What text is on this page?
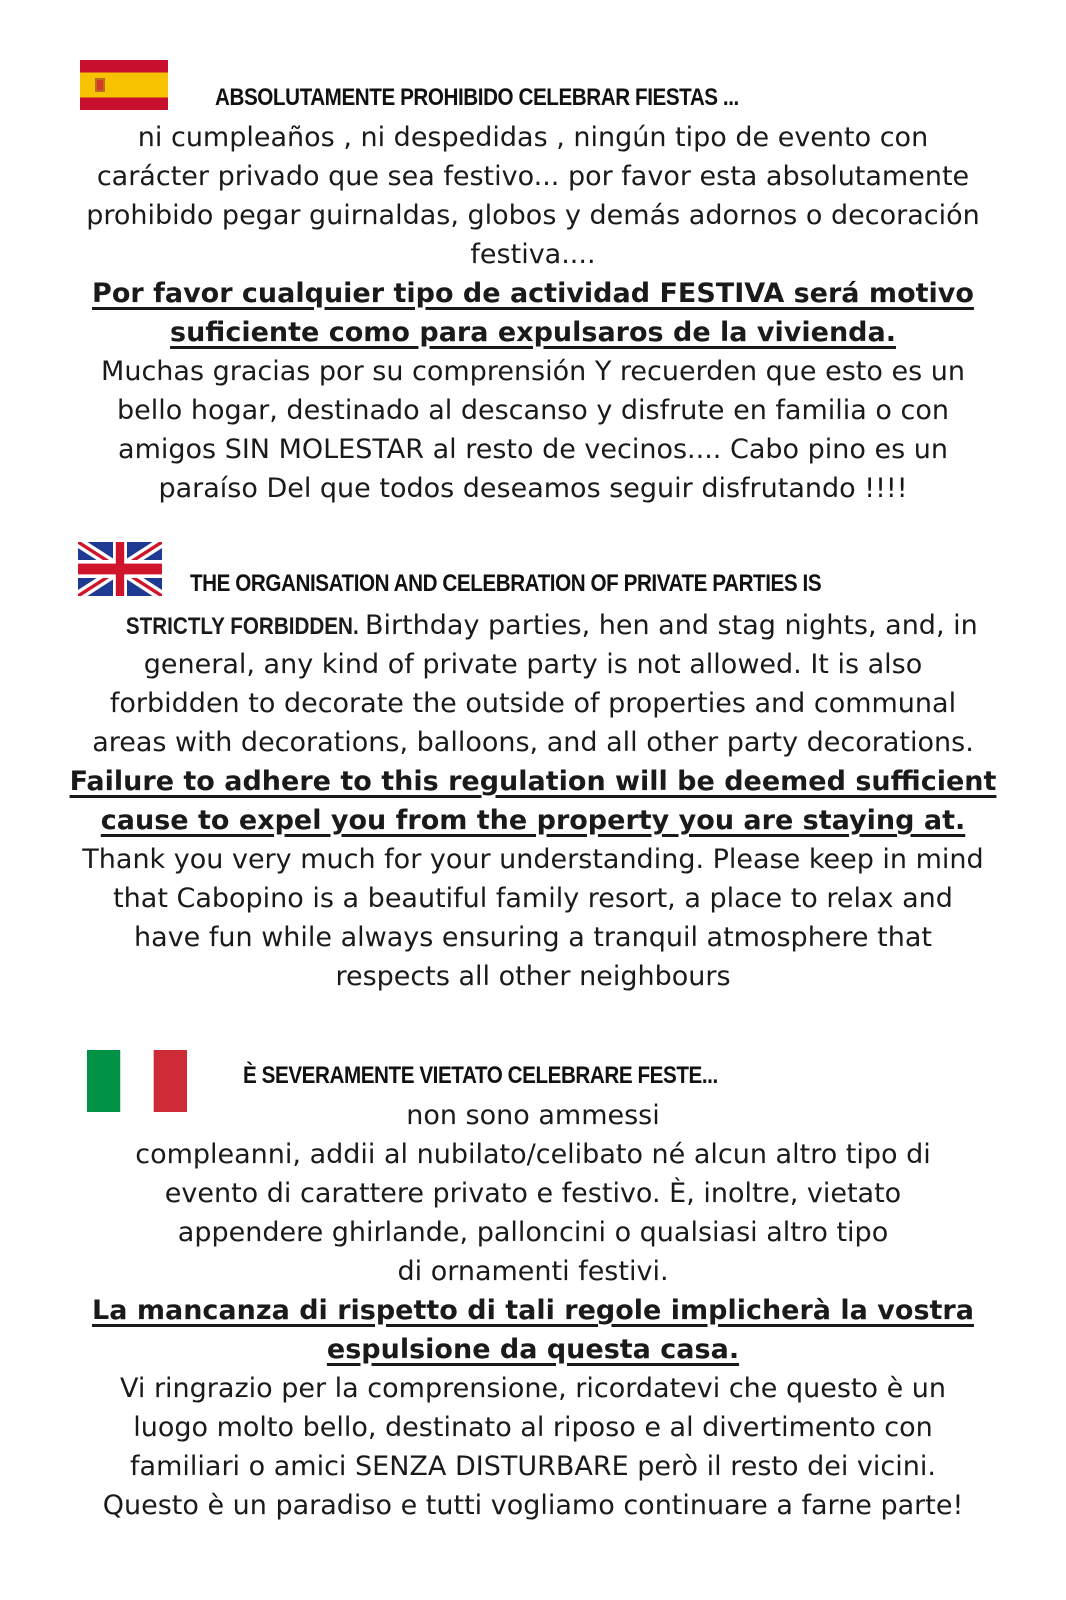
ABSOLUTAMENTE PROHIBIDO CELEBRAR FIESTAS ...
ni cumpleaños , ni despedidas , ningún tipo de evento con
carácter privado que sea festivo... por favor esta absolutamente
prohibido pegar guirnaldas, globos y demás adornos o decoración
festiva....
Por favor cualquier tipo de actividad FESTIVA será motivo
suficiente como para expulsaros de la vivienda.
Muchas gracias por su comprensión Y recuerden que esto es un
bello hogar, destinado al descanso y disfrute en familia o con
amigos SIN MOLESTAR al resto de vecinos.... Cabo pino es un
paraíso Del que todos deseamos seguir disfrutando !!!!
THE ORGANISATION AND CELEBRATION OF PRIVATE PARTIES IS
STRICTLY FORBIDDEN. Birthday parties, hen and stag nights, and, in
general, any kind of private party is not allowed. It is also
forbidden to decorate the outside of properties and communal
areas with decorations, balloons, and all other party decorations.
Failure to adhere to this regulation will be deemed sufficient
cause to expel you from the property you are staying at.
Thank you very much for your understanding. Please keep in mind
that Cabopino is a beautiful family resort, a place to relax and
have fun while always ensuring a tranquil atmosphere that
respects all other neighbours
È SEVERAMENTE VIETATO CELEBRARE FESTE...
non sono ammessi
compleanni, addii al nubilato/celibato né alcun altro tipo di
evento di carattere privato e festivo. È, inoltre, vietato
appendere ghirlande, palloncini o qualsiasi altro tipo
di ornamenti festivi.
La mancanza di rispetto di tali regole implicherà la vostra
espulsione da questa casa.
Vi ringrazio per la comprensione, ricordatevi che questo è un
luogo molto bello, destinato al riposo e al divertimento con
familiari o amici SENZA DISTURBARE però il resto dei vicini.
Questo è un paradiso e tutti vogliamo continuare a farne parte!
